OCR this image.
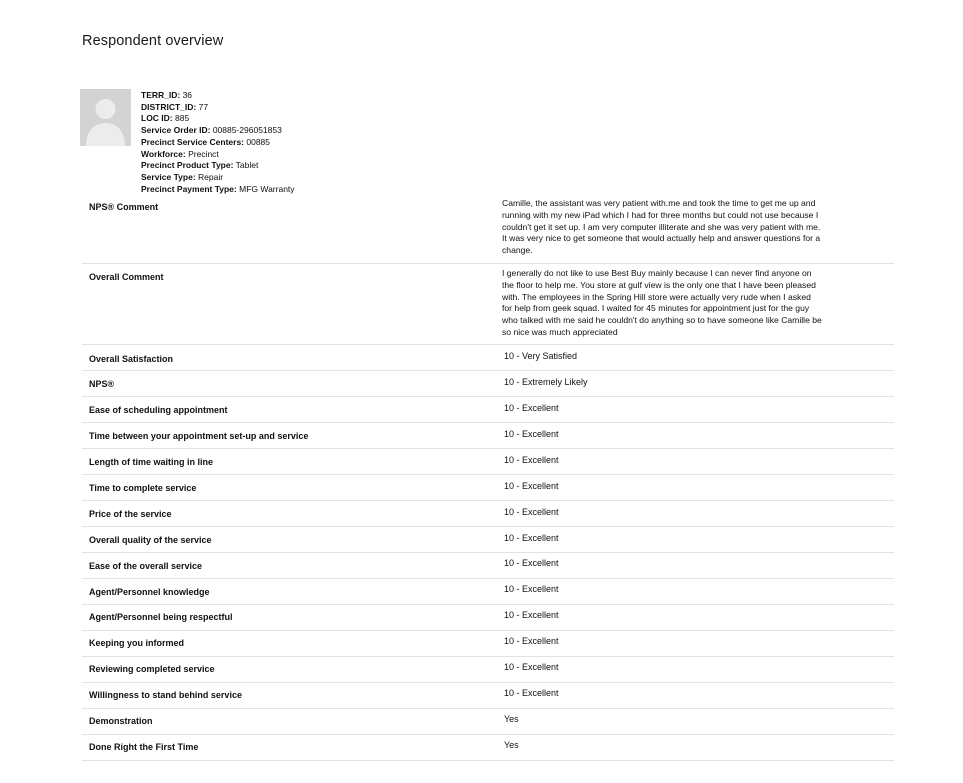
Respondent overview
TERR_ID: 36
DISTRICT_ID: 77
LOC ID: 885
Service Order ID: 00885-296051853
Precinct Service Centers: 00885
Workforce: Precinct
Precinct Product Type: Tablet
Service Type: Repair
Precinct Payment Type: MFG Warranty
NPS® Comment	Camille, the assistant was very patient with.me and took the time to get me up and
running with my new iPad which I had for three months but could not use because I
couldn't get it set up. I am very computer illiterate and she was very patient with me.
It was very nice to get someone that would actually help and answer questions for a
change.
Overall Comment	I generally do not like to use Best Buy mainly because I can never find anyone on
the floor to help me. You store at gulf view is the only one that I have been pleased
with. The employees in the Spring Hill store were actually very rude when I asked
for help from geek squad. I waited for 45 minutes for appointment just for the guy
who talked with me said he couldn't do anything so to have someone like Camille be
so nice was much appreciated
Overall Satisfaction	10 - Very Satisfied
NPS®	10 - Extremely Likely
Ease of scheduling appointment	10 - Excellent
Time between your appointment set-up and service	10 - Excellent
Length of time waiting in line	10 - Excellent
Time to complete service	10 - Excellent
Price of the service	10 - Excellent
Overall quality of the service	10 - Excellent
Ease of the overall service	10 - Excellent
Agent/Personnel knowledge	10 - Excellent
Agent/Personnel being respectful	10 - Excellent
Keeping you informed	10 - Excellent
Reviewing completed service	10 - Excellent
Willingness to stand behind service	10 - Excellent
Demonstration	Yes
Done Right the First Time	Yes
